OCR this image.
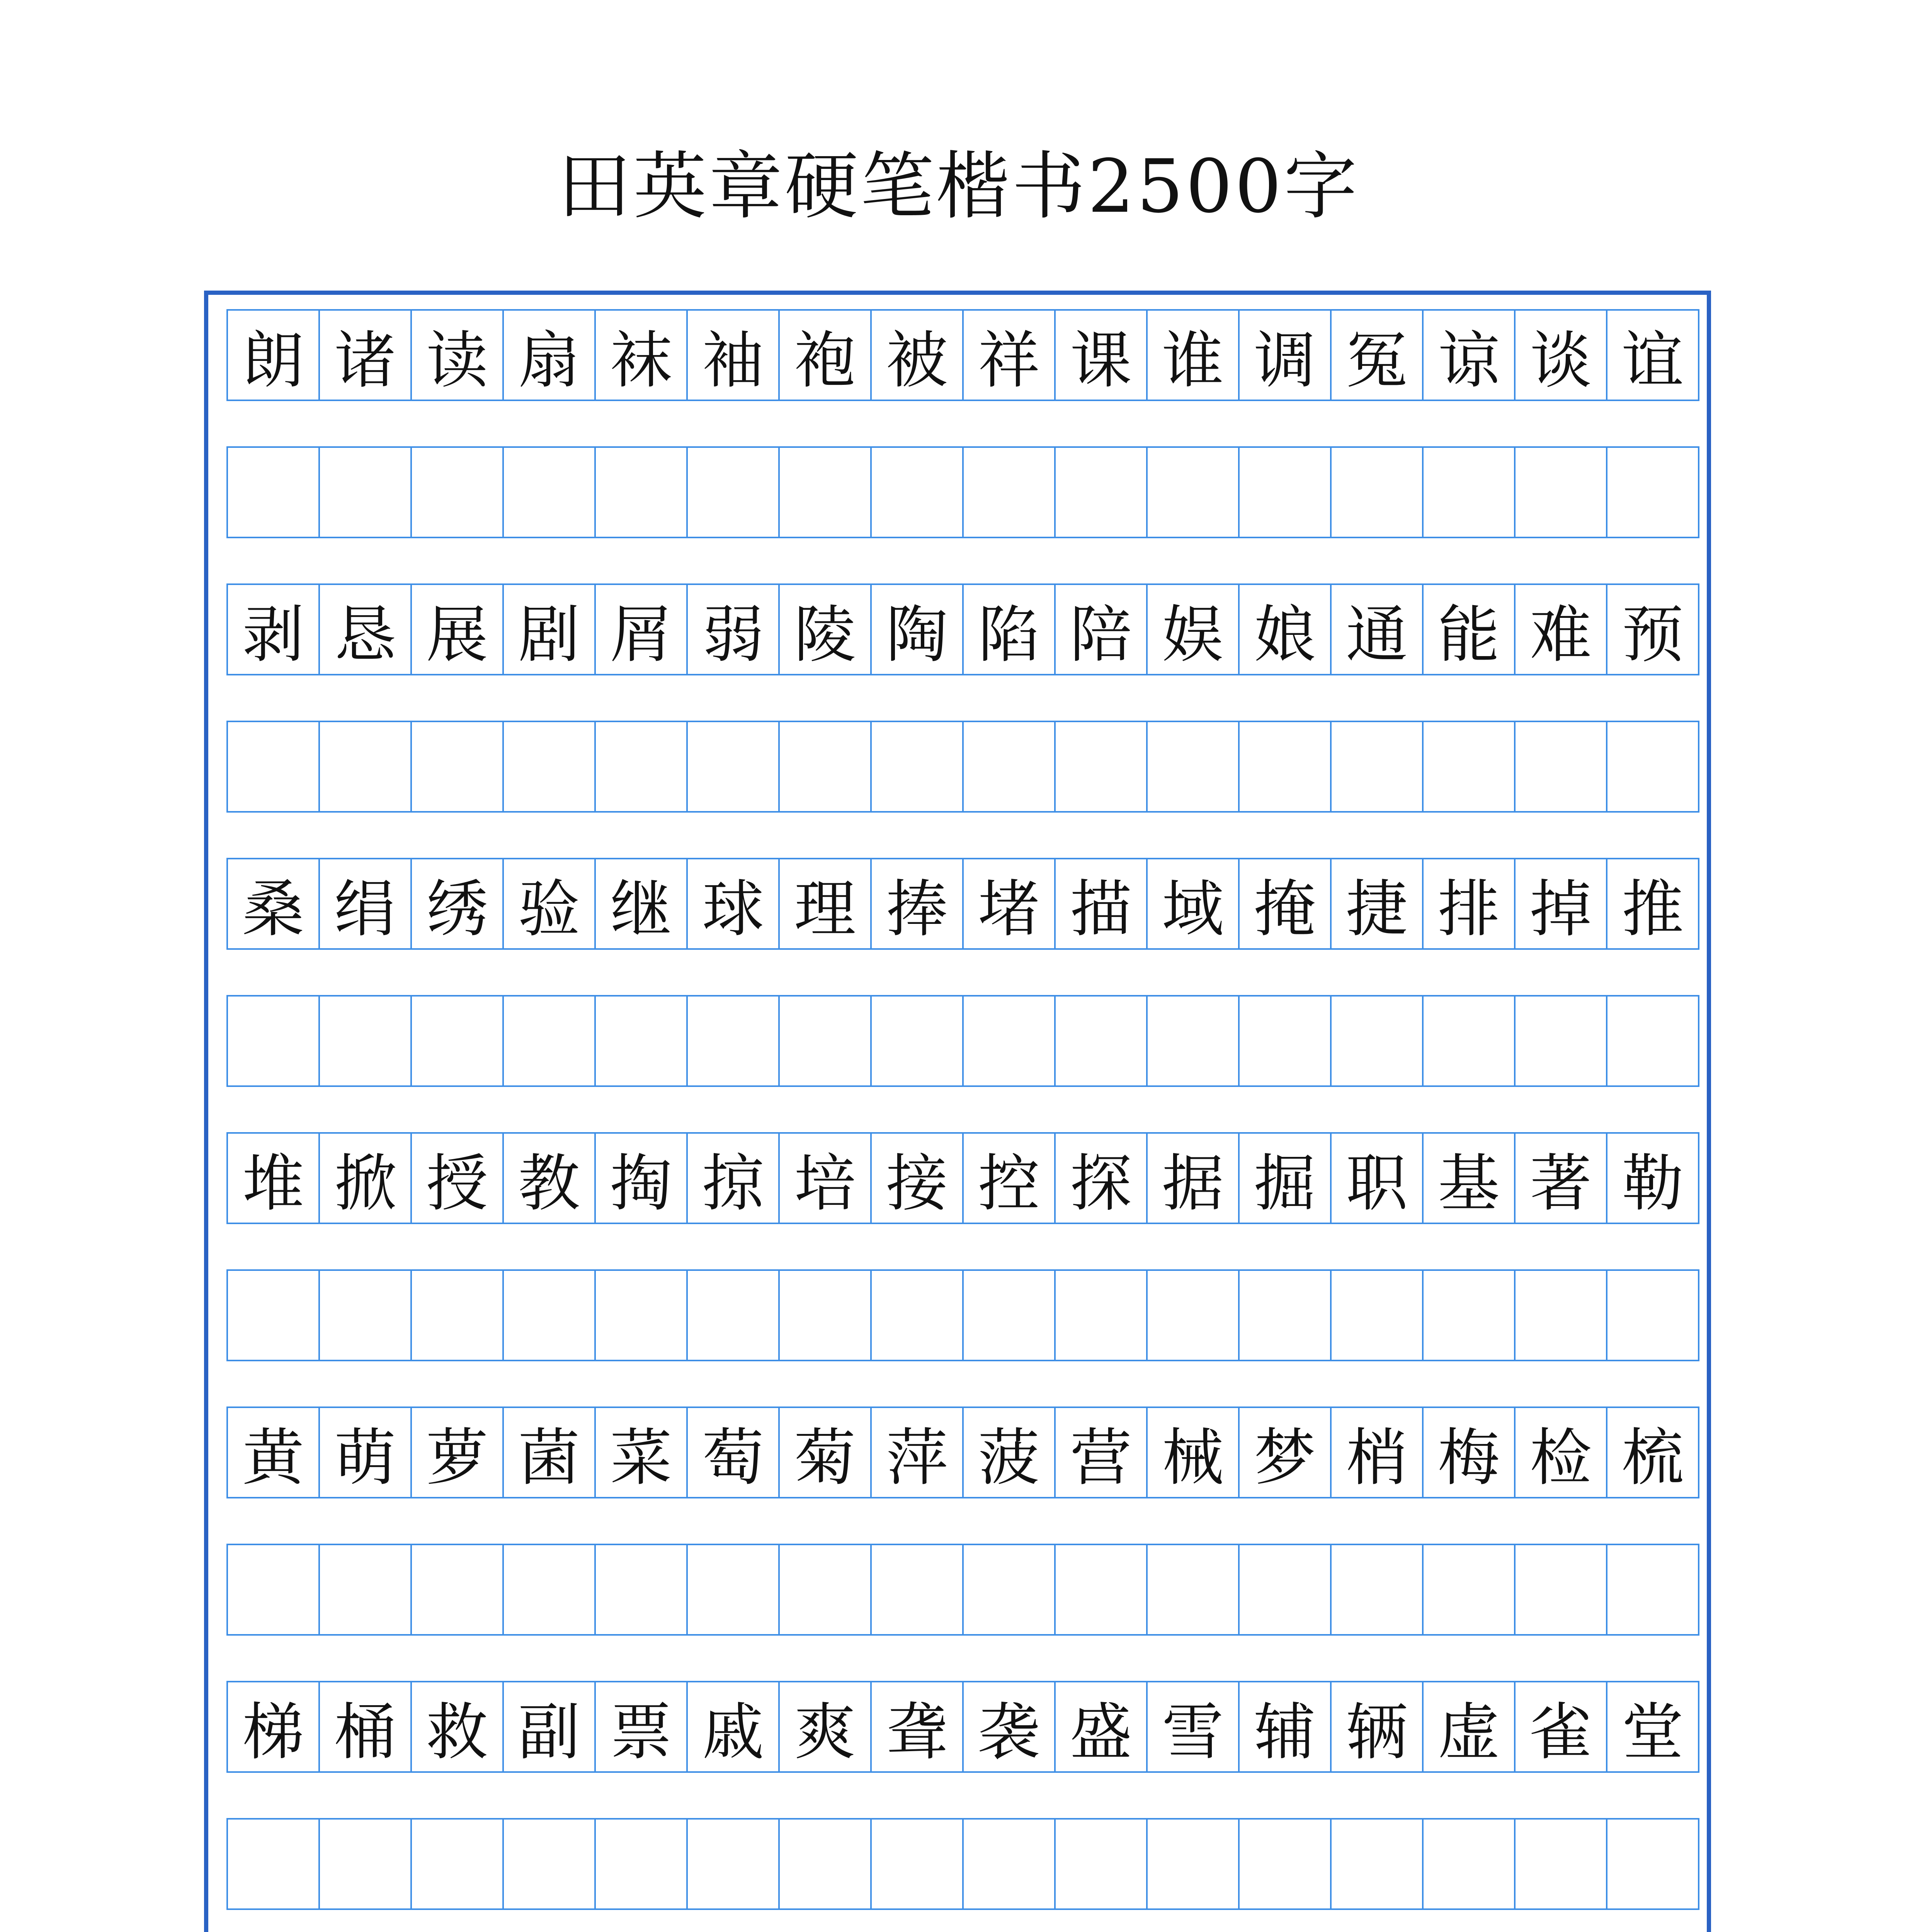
田英章硬笔楷书2500字
朗 诸 读 扇 袜 袖 袍 被 祥 课 谁 调 冤 谅 谈 谊
剥 恳 展 剧 屑 弱 陵 陶 陷 陪 娱 娘 通 能 难 预
桑 绢 绣 验 继 球 理 捧 堵 描 域 掩 捷 排 掉 推
堆 掀 授 教 掏 掠 培 接 控 探 据 掘 职 基 著 勒
黄 萌 萝 菌 菜 萄 菊 萍 菠 营 械 梦 梢 梅 检 梳
梯 桶 救 副 票 戚 爽 聋 袭 盛 雪 辅 辆 虚 雀 堂
